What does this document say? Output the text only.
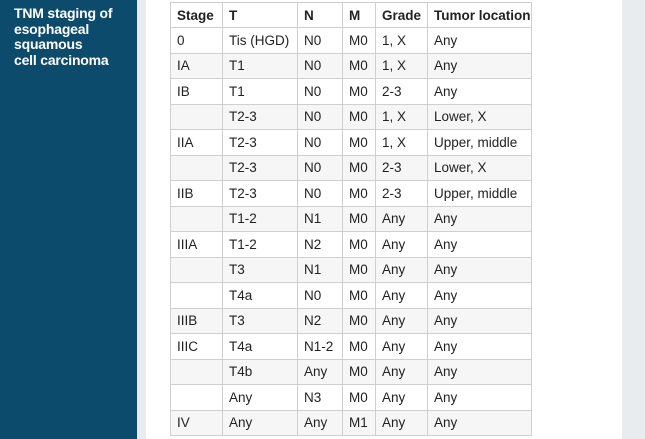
TNM staging of
esophageal
squamous
cell carcinoma
Stage	T	N	M	Grade	Tumor location
0	Tis (HGD)	N0	M0	1, X	Any
IA	T1	N0	M0	1, X	Any
IB	T1	N0	M0	2-3	Any
	T2-3	N0	M0	1, X	Lower, X
IIA	T2-3	N0	M0	1, X	Upper, middle
	T2-3	N0	M0	2-3	Lower, X
IIB	T2-3	N0	M0	2-3	Upper, middle
	T1-2	N1	M0	Any	Any
IIIA	T1-2	N2	M0	Any	Any
	T3	N1	M0	Any	Any
	T4a	N0	M0	Any	Any
IIIB	T3	N2	M0	Any	Any
IIIC	T4a	N1-2	M0	Any	Any
	T4b	Any	M0	Any	Any
	Any	N3	M0	Any	Any
IV	Any	Any	M1	Any	Any
